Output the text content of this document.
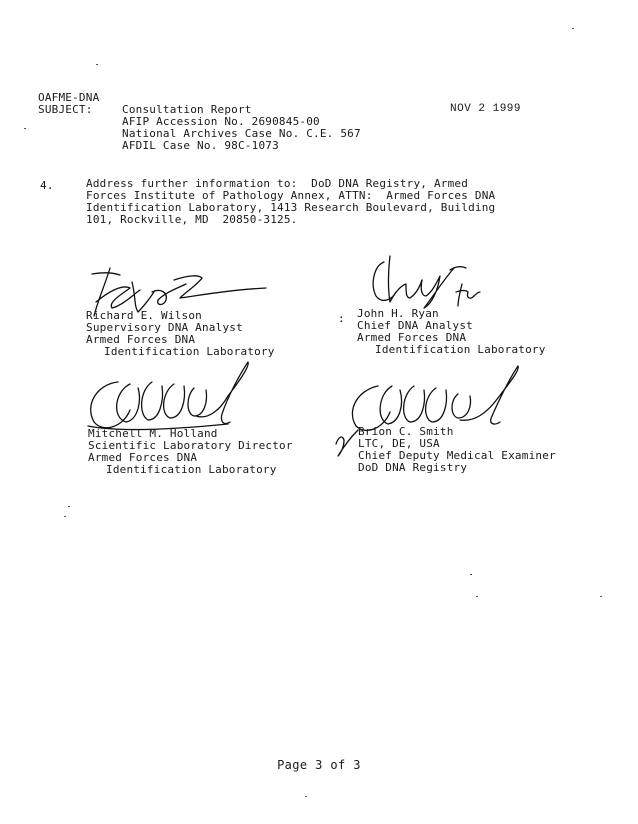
OAFME-DNA
SUBJECT:	Consultation Report
AFIP Accession No. 2690845-00
National Archives Case No. C.E. 567
AFDIL Case No. 98C-1073
NOV 2 1999
4.	Address further information to:  DoD DNA Registry, Armed
Forces Institute of Pathology Annex, ATTN:  Armed Forces DNA
Identification Laboratory, 1413 Research Boulevard, Building
101, Rockville, MD  20850-3125.
Richard E. Wilson
Supervisory DNA Analyst
Armed Forces DNA
Identification Laboratory
: John H. Ryan
Chief DNA Analyst
Armed Forces DNA
Identification Laboratory
Mitchell M. Holland
Scientific Laboratory Director
Armed Forces DNA
Identification Laboratory
Brion C. Smith
LTC, DE, USA
Chief Deputy Medical Examiner
DoD DNA Registry
Page 3 of 3
